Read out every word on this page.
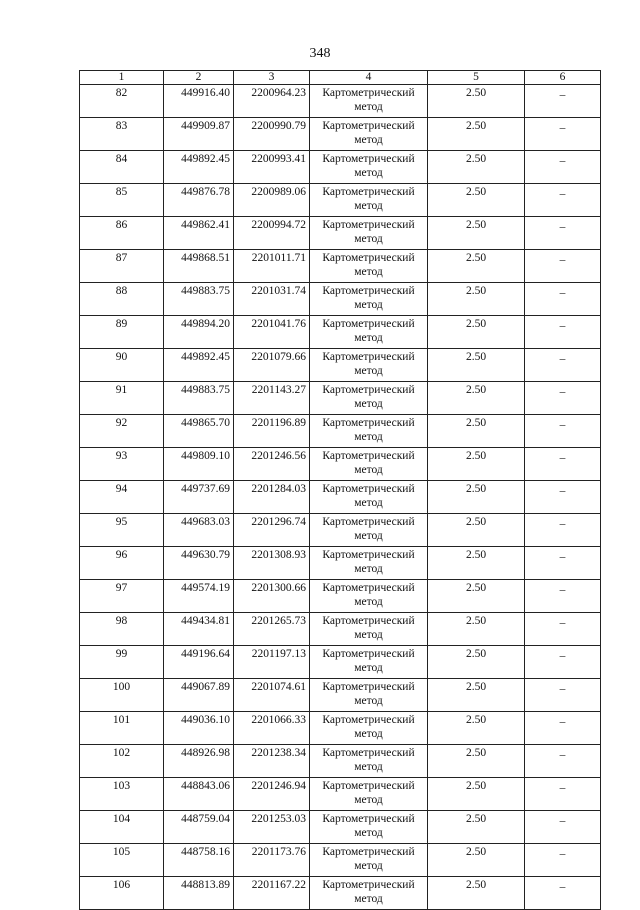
348
1	2	3	4	5	6
82	449916.40	2200964.23	Картометрический метод	2.50	–
83	449909.87	2200990.79	Картометрический метод	2.50	–
84	449892.45	2200993.41	Картометрический метод	2.50	–
85	449876.78	2200989.06	Картометрический метод	2.50	–
86	449862.41	2200994.72	Картометрический метод	2.50	–
87	449868.51	2201011.71	Картометрический метод	2.50	–
88	449883.75	2201031.74	Картометрический метод	2.50	–
89	449894.20	2201041.76	Картометрический метод	2.50	–
90	449892.45	2201079.66	Картометрический метод	2.50	–
91	449883.75	2201143.27	Картометрический метод	2.50	–
92	449865.70	2201196.89	Картометрический метод	2.50	–
93	449809.10	2201246.56	Картометрический метод	2.50	–
94	449737.69	2201284.03	Картометрический метод	2.50	–
95	449683.03	2201296.74	Картометрический метод	2.50	–
96	449630.79	2201308.93	Картометрический метод	2.50	–
97	449574.19	2201300.66	Картометрический метод	2.50	–
98	449434.81	2201265.73	Картометрический метод	2.50	–
99	449196.64	2201197.13	Картометрический метод	2.50	–
100	449067.89	2201074.61	Картометрический метод	2.50	–
101	449036.10	2201066.33	Картометрический метод	2.50	–
102	448926.98	2201238.34	Картометрический метод	2.50	–
103	448843.06	2201246.94	Картометрический метод	2.50	–
104	448759.04	2201253.03	Картометрический метод	2.50	–
105	448758.16	2201173.76	Картометрический метод	2.50	–
106	448813.89	2201167.22	Картометрический метод	2.50	–
